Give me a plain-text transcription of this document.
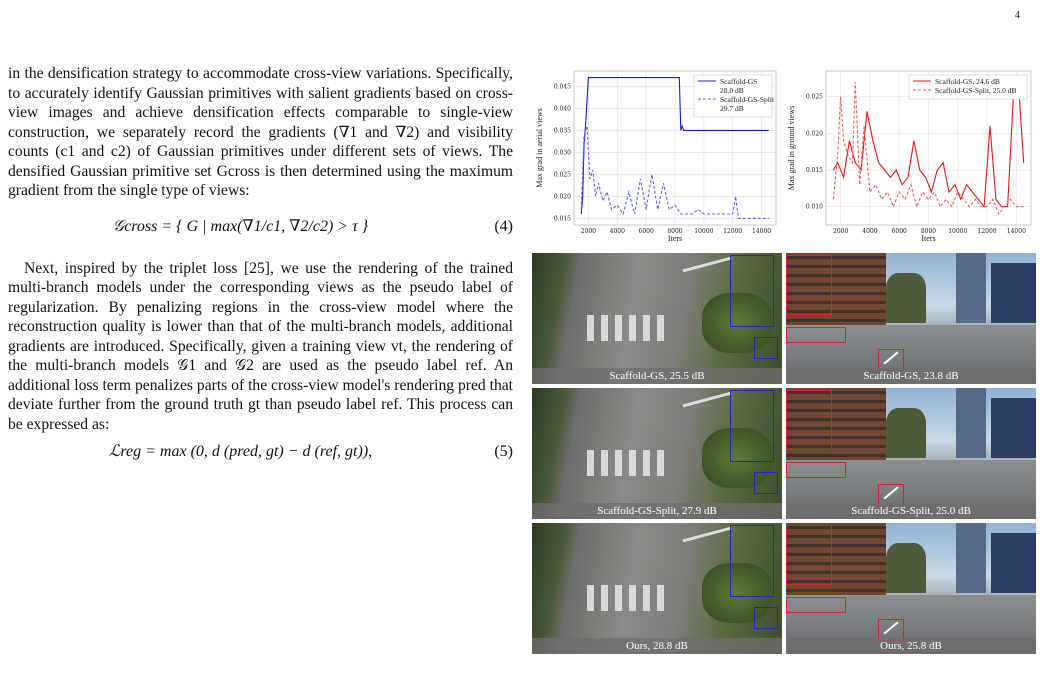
4

in the densification strategy to accommodate cross-view variations. Specifically, to accurately identify Gaussian primitives with salient gradients based on cross-view images and achieve densification effects comparable to single-view construction, we separately record the gradients (∇1 and ∇2) and visibility counts (c1 and c2) of Gaussian primitives under different sets of views. The densified Gaussian primitive set Gcross is then determined using the maximum gradient from the single type of views:

𝒢cross = { G | max(∇1/c1, ∇2/c2) > τ }	(4)

Next, inspired by the triplet loss [25], we use the rendering of the trained multi-branch models under the corresponding views as the pseudo label of regularization. By penalizing regions in the cross-view model where the reconstruction quality is lower than that of the multi-branch models, additional gradients are introduced. Specifically, given a training view vt, the rendering of the multi-branch models 𝒢1 and 𝒢2 are used as the pseudo label ref. An additional loss term penalizes parts of the cross-view model's rendering pred that deviate further from the ground truth gt than pseudo label ref. This process can be expressed as:

ℒreg = max (0, d (pred, gt) − d (ref, gt)),	(5)
2000 4000 6000 8000 10000 12000 14000
0.015
0.020
0.025
0.030
0.035
0.040
0.045
Iters
Max grad in aerial views
Scaffold-GS 28.0 dB
Scaffold-GS-Split 29.7 dB
2000 4000 6000 8000 10000 12000 14000
0.010
0.015
0.020
0.025
Iters
Max grad in ground views
Scaffold-GS, 24.6 dB
Scaffold-GS-Split, 25.0 dB
Scaffold-GS, 25.5 dB	Scaffold-GS, 23.8 dB
Scaffold-GS-Split, 27.9 dB	Scaffold-GS-Split, 25.0 dB
Ours, 28.8 dB	Ours, 25.8 dB
